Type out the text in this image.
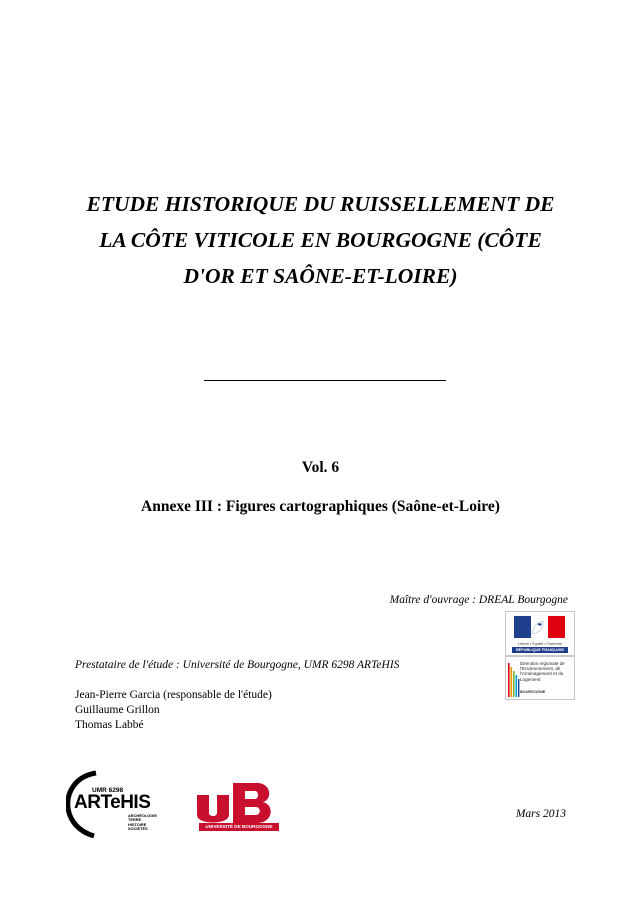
ETUDE HISTORIQUE DU RUISSELLEMENT DE
LA CÔTE VITICOLE EN BOURGOGNE (CÔTE
D'OR ET SAÔNE-ET-LOIRE)
Vol. 6
Annexe III : Figures cartographiques (Saône-et-Loire)
Maître d'ouvrage : DREAL Bourgogne
Liberté • Égalité • Fraternité
RÉPUBLIQUE FRANÇAISE
Direction régionale de l'Environnement, de l'Aménagement et du Logement
BOURGOGNE
Prestataire de l'étude : Université de Bourgogne, UMR 6298 ARTeHIS
Jean-Pierre Garcia (responsable de l'étude)
Guillaume Grillon
Thomas Labbé
UMR 6298
ARTeHIS
ARCHÉOLOGIE
TERRE
HISTOIRE
SOCIÉTÉS	UNIVERSITÉ DE BOURGOGNE
Mars 2013
